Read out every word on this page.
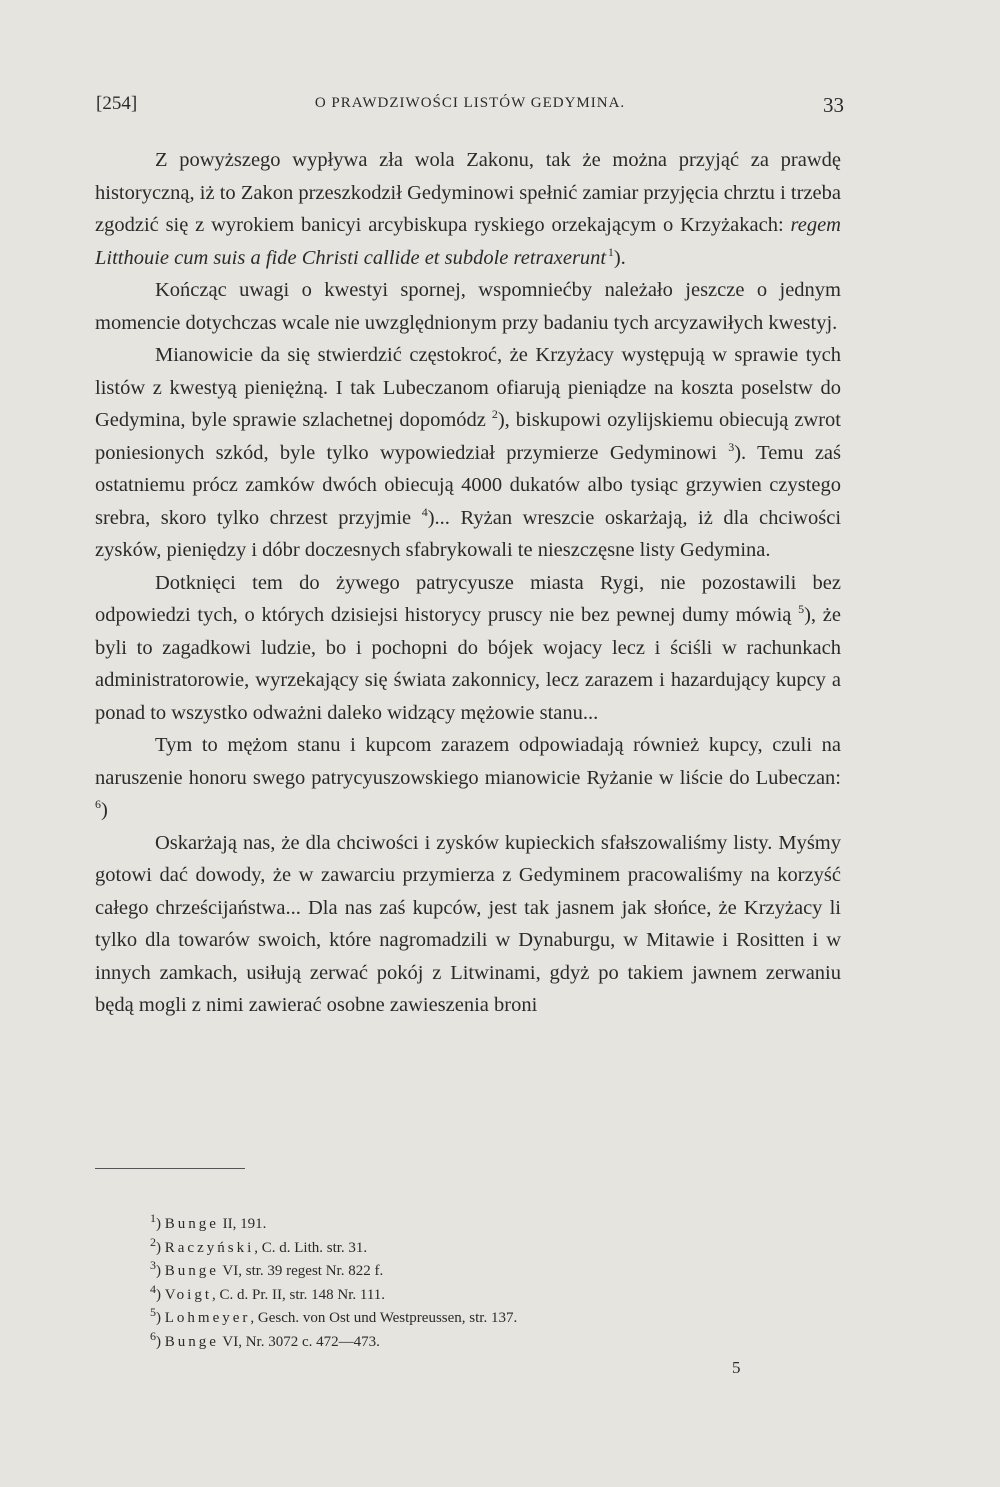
[254]	O PRAWDZIWOŚCI LISTÓW GEDYMINA.	33

Z powyższego wypływa zła wola Zakonu, tak że można przyjąć za prawdę historyczną, iż to Zakon przeszkodził Gedyminowi spełnić zamiar przyjęcia chrztu i trzeba zgodzić się z wyrokiem banicyi arcybiskupa ryskiego orzekającym o Krzyżakach: regem Litthouie cum suis a fide Christi callide et subdole retraxerunt  $^1$).

Kończąc uwagi o kwestyi spornej, wspomniećby należało jeszcze o jednym momencie dotychczas wcale nie uwzględnionym przy badaniu tych arcyzawiłych kwestyj.

Mianowicie da się stwierdzić częstokroć, że Krzyżacy występują w sprawie tych listów z kwestyą pieniężną. I tak Lubeczanom ofiarują pieniądze na koszta poselstw do Gedymina, byle sprawie szlachetnej dopomódz $^2$), biskupowi ozylijskiemu obiecują zwrot poniesionych szkód, byle tylko wypowiedział przymierze Gedyminowi $^3$). Temu zaś ostatniemu prócz zamków dwóch obiecują 4000 dukatów albo tysiąc grzywien czystego srebra, skoro tylko chrzest przyjmie $^4$)... Ryżan wreszcie oskarżają, iż dla chciwości zysków, pieniędzy i dóbr doczesnych sfabrykowali te nieszczęsne listy Gedymina.

Dotknięci tem do żywego patrycyusze miasta Rygi, nie pozostawili bez odpowiedzi tych, o których dzisiejsi historycy pruscy nie bez pewnej dumy mówią $^5$), że byli to zagadkowi ludzie, bo i pochopni do bójek wojacy lecz i ściśli w rachunkach administratorowie, wyrzekający się świata zakonnicy, lecz zarazem i hazardujący kupcy a ponad to wszystko odważni daleko widzący mężowie stanu...

Tym to mężom stanu i kupcom zarazem odpowiadają również kupcy, czuli na naruszenie honoru swego patrycyuszowskiego mianowicie Ryżanie w liście do Lubeczan: $^6$)

Oskarżają nas, że dla chciwości i zysków kupieckich sfałszowaliśmy listy. Myśmy gotowi dać dowody, że w zawarciu przymierza z Gedyminem pracowaliśmy na korzyść całego chrześcijaństwa... Dla nas zaś kupców, jest tak jasnem jak słońce, że Krzyżacy li tylko dla towarów swoich, które nagromadzili w Dynaburgu, w Mitawie i Rositten i w innych zamkach, usiłują zerwać pokój z Litwinami, gdyż po takiem jawnem zerwaniu będą mogli z nimi zawierać osobne zawieszenia broni

$^1$) Bunge II, 191.
$^2$) Raczyński, C. d. Lith. str. 31.
$^3$) Bunge VI, str. 39 regest Nr. 822 f.
$^4$) Voigt, C. d. Pr. II, str. 148 Nr. 111.
$^5$) Lohmeyer, Gesch. von Ost und Westpreussen, str. 137.
$^6$) Bunge VI, Nr. 3072 c. 472—473.
5
